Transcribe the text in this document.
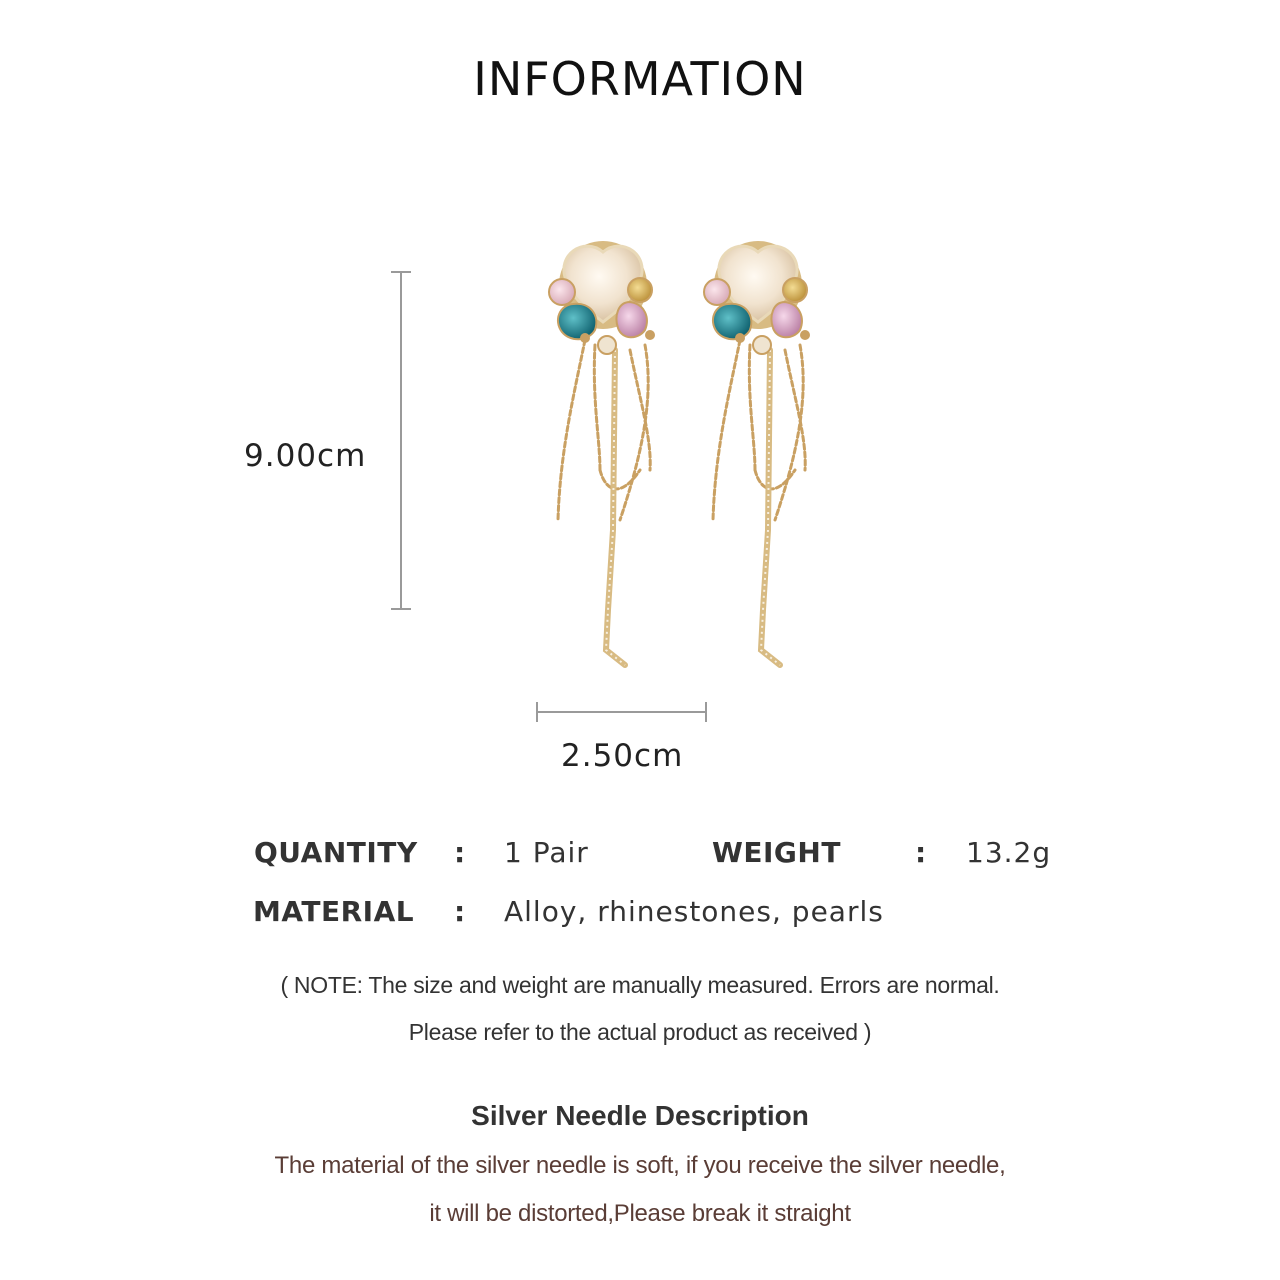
INFORMATION
9.00cm
2.50cm
QUANTITY : 1 Pair	WEIGHT	: 13.2g
MATERIAL : Alloy, rhinestones, pearls
( NOTE: The size and weight are manually measured. Errors are normal.
Please refer to the actual product as received )
Silver Needle Description
The material of the silver needle is soft, if you receive the silver needle,
it will be distorted,Please break it straight
